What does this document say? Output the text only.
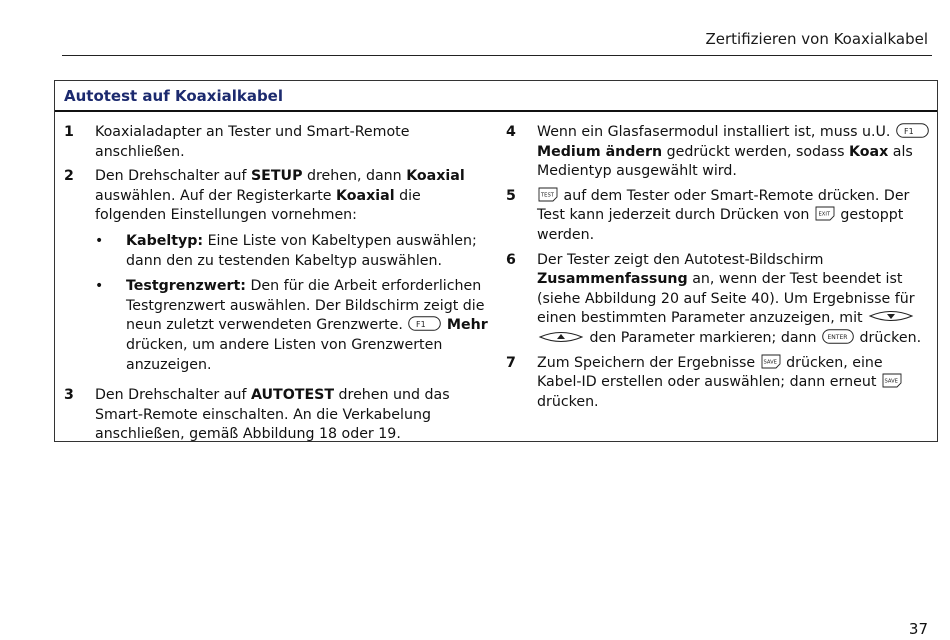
Zertifizieren von Koaxialkabel
Autotest auf Koaxialkabel
1	Koaxialadapter an Tester und Smart-Remote anschließen.
2	Den Drehschalter auf SETUP drehen, dann Koaxial auswählen. Auf der Registerkarte Koaxial die folgenden Einstellungen vornehmen:
•	Kabeltyp: Eine Liste von Kabeltypen auswählen; dann den zu testenden Kabeltyp auswählen.
•	Testgrenzwert: Den für die Arbeit erforderlichen Testgrenzwert auswählen. Der Bildschirm zeigt die neun zuletzt verwendeten Grenzwerte. F1 Mehr drücken, um andere Listen von Grenzwerten anzuzeigen.
3	Den Drehschalter auf AUTOTEST drehen und das Smart-Remote einschalten. An die Verkabelung anschließen, gemäß Abbildung 18 oder 19.
4	Wenn ein Glasfasermodul installiert ist, muss u.U. F1
Medium ändern gedrückt werden, sodass Koax als Medientyp ausgewählt wird.
5	TEST auf dem Tester oder Smart-Remote drücken. Der Test kann jederzeit durch Drücken von EXIT gestoppt werden.
6	Der Tester zeigt den Autotest-Bildschirm Zusammenfassung an, wenn der Test beendet ist (siehe Abbildung 20 auf Seite 40). Um Ergebnisse für einen bestimmten Parameter anzuzeigen, mit   den Parameter markieren; dann ENTER drücken.
7	Zum Speichern der Ergebnisse SAVE drücken, eine Kabel-ID erstellen oder auswählen; dann erneut SAVE
drücken.
37
